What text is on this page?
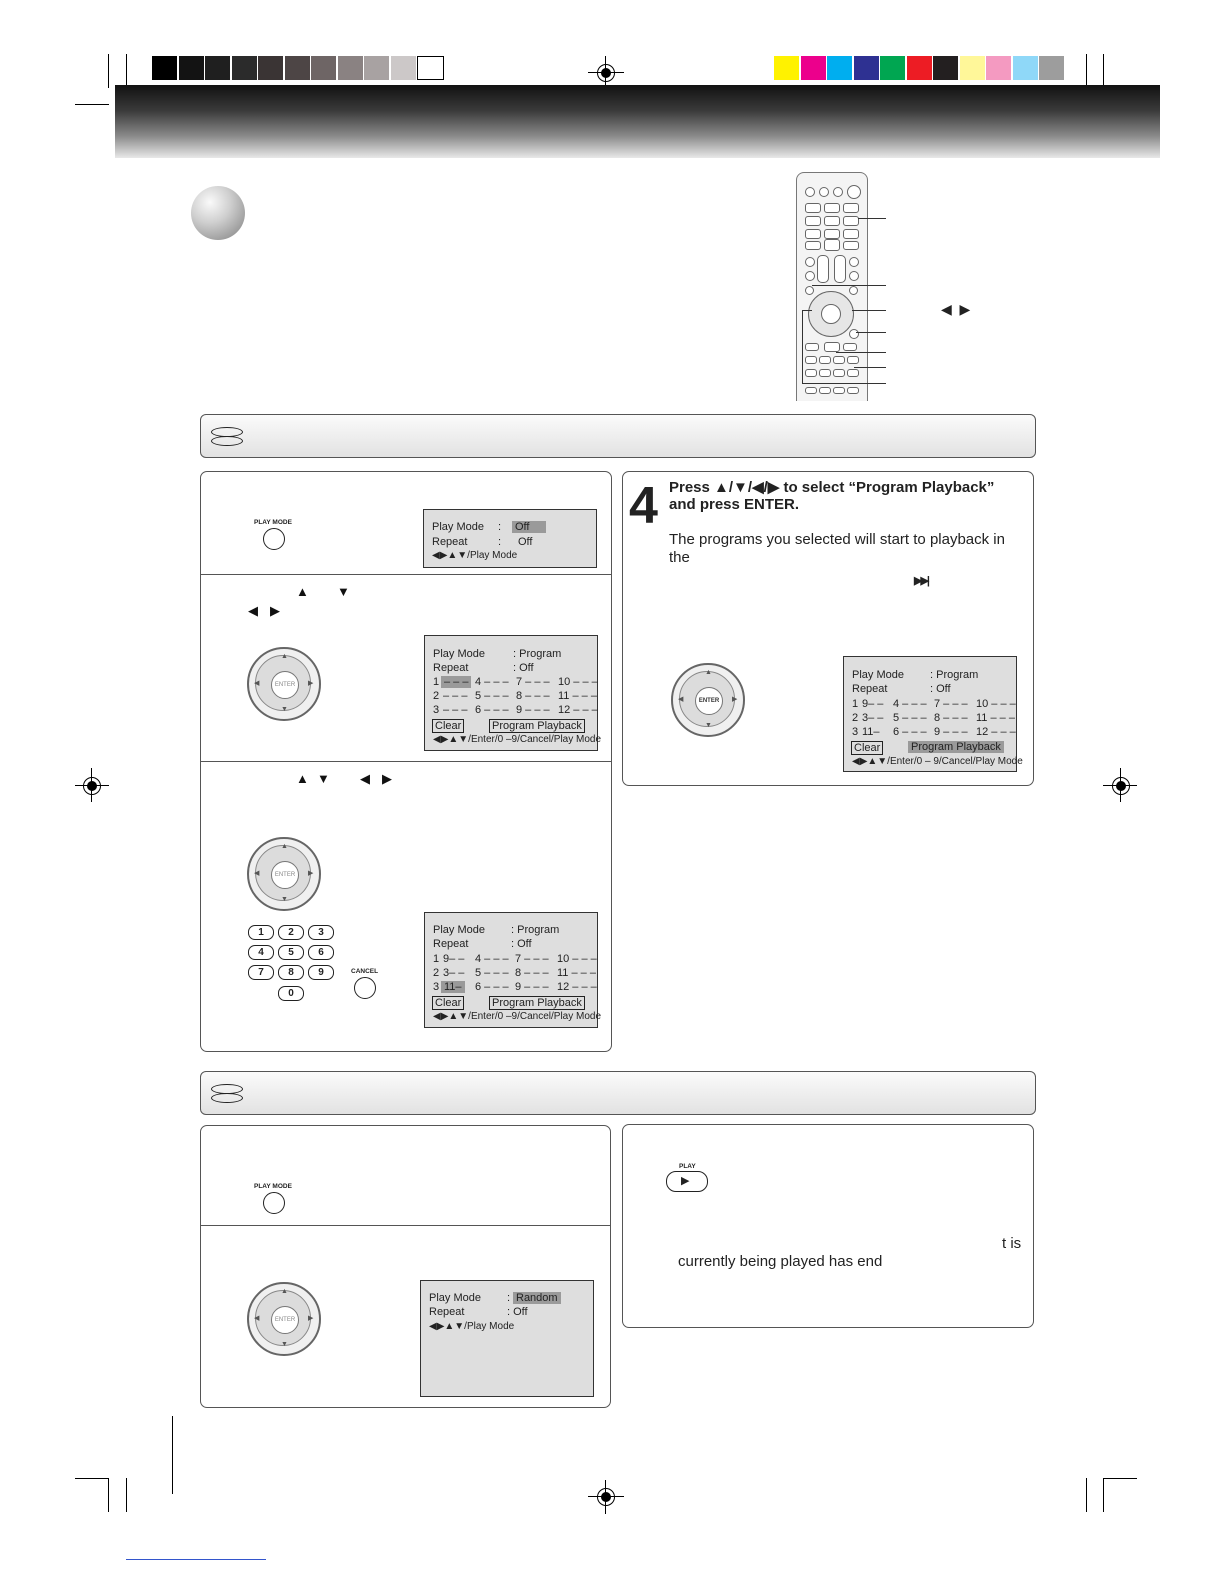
◀  ▶
PLAY MODE	Play Mode : Off
Repeat	: Off
◀▶▲▼/Play Mode
▲ ▼
◀ ▶
▲
▼
◀	▶
ENTER
Play Mode	: Program
Repeat	: Off
1 – – – 4 – – – 7 – – – 10 – – –
2 – – – 5 – – – 8 – – – 11 – – –
3 – – – 6 – – – 9 – – – 12 – – –
Clear	Program Playback
◀▶▲▼/Enter/0 –9/Cancel/Play Mode
▲ ▼ ◀ ▶
▲
▼
◀	▶
ENTER
1	2	3
4	5	6
7	8	9
0
CANCEL
Play Mode : Program
Repeat	: Off
1 9– – 4 – – – 7 – – – 10 – – –
2 3– – 5 – – – 8 – – – 11 – – –
3 11– 6 – – – 9 – – – 12 – – –
Clear	Program Playback
◀▶▲▼/Enter/0 –9/Cancel/Play Mode
4 Press ▲/▼/◀/▶ to select “Program Playback”
and press ENTER.
The programs you selected will start to playback in
the
▶▶|
▲
▼
◀	▶
ENTER
Play Mode : Program
Repeat	: Off
1 9– – 4 – – – 7 – – – 10 – – –
2 3– – 5 – – – 8 – – – 11 – – –
3 11– 6 – – – 9 – – – 12 – – –
Clear	Program Playback
◀▶▲▼/Enter/0 – 9/Cancel/Play Mode
PLAY MODE
▲
▼
◀	▶
ENTER
Play Mode : Random
Repeat	: Off
◀▶▲▼/Play Mode
PLAY
▶
t is
currently being played has end
